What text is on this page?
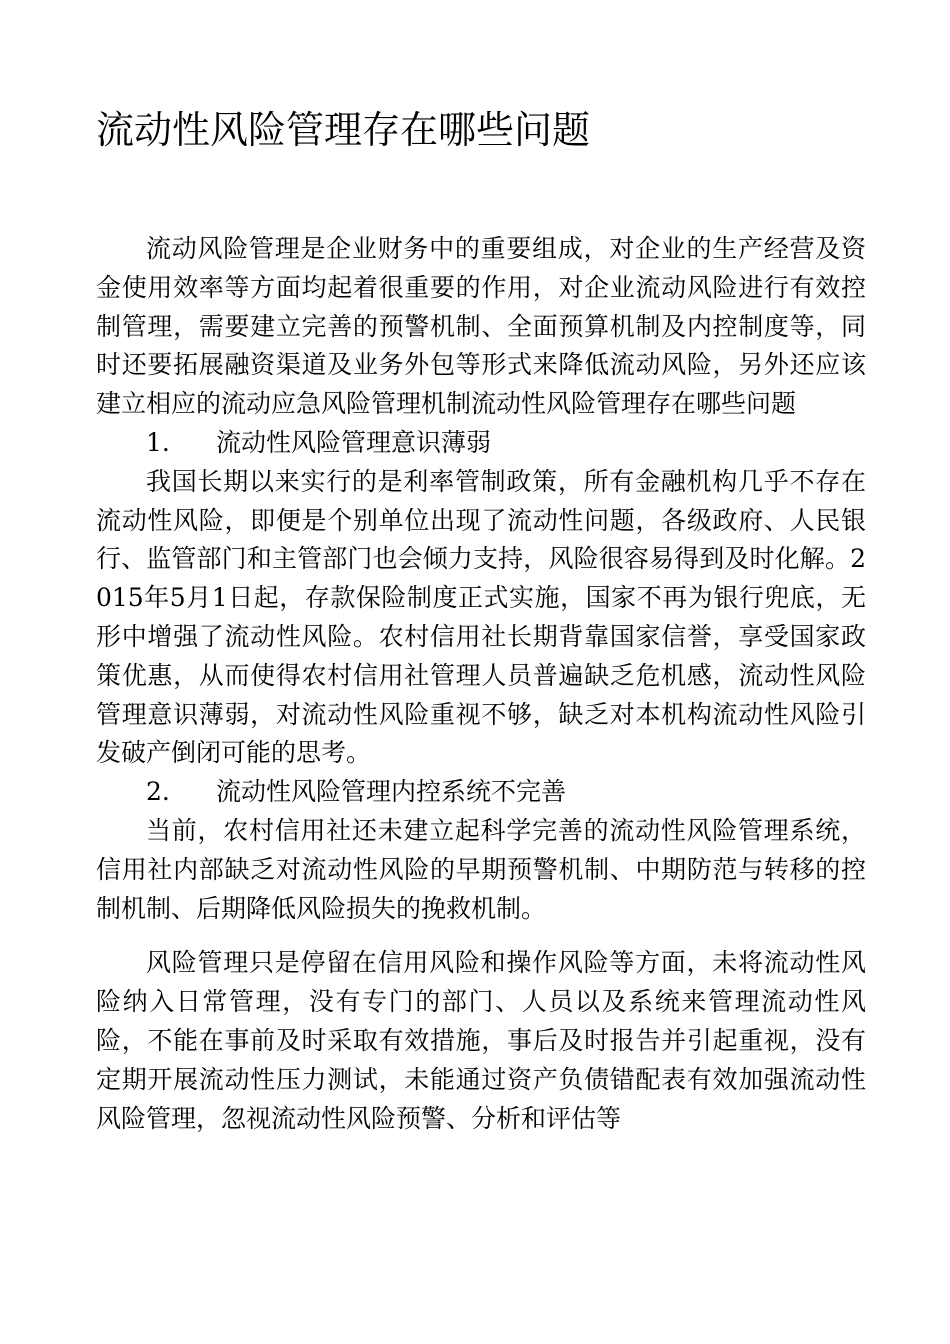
流动性风险管理存在哪些问题

流动风险管理是企业财务中的重要组成，对企业的生产经营及资金使用效率等方面均起着很重要的作用，对企业流动风险进行有效控制管理，需要建立完善的预警机制、全面预算机制及内控制度等，同时还要拓展融资渠道及业务外包等形式来降低流动风险，另外还应该建立相应的流动应急风险管理机制流动性风险管理存在哪些问题

1.	流动性风险管理意识薄弱

我国长期以来实行的是利率管制政策，所有金融机构几乎不存在流动性风险，即便是个别单位出现了流动性问题，各级政府、人民银行、监管部门和主管部门也会倾力支持，风险很容易得到及时化解。2015年5月1日起，存款保险制度正式实施，国家不再为银行兜底，无形中增强了流动性风险。农村信用社长期背靠国家信誉，享受国家政策优惠，从而使得农村信用社管理人员普遍缺乏危机感，流动性风险管理意识薄弱，对流动性风险重视不够，缺乏对本机构流动性风险引发破产倒闭可能的思考。

2.	流动性风险管理内控系统不完善

当前，农村信用社还未建立起科学完善的流动性风险管理系统，信用社内部缺乏对流动性风险的早期预警机制、中期防范与转移的控制机制、后期降低风险损失的挽救机制。

风险管理只是停留在信用风险和操作风险等方面，未将流动性风险纳入日常管理，没有专门的部门、人员以及系统来管理流动性风险，不能在事前及时采取有效措施，事后及时报告并引起重视，没有定期开展流动性压力测试，未能通过资产负债错配表有效加强流动性风险管理，忽视流动性风险预警、分析和评估等
